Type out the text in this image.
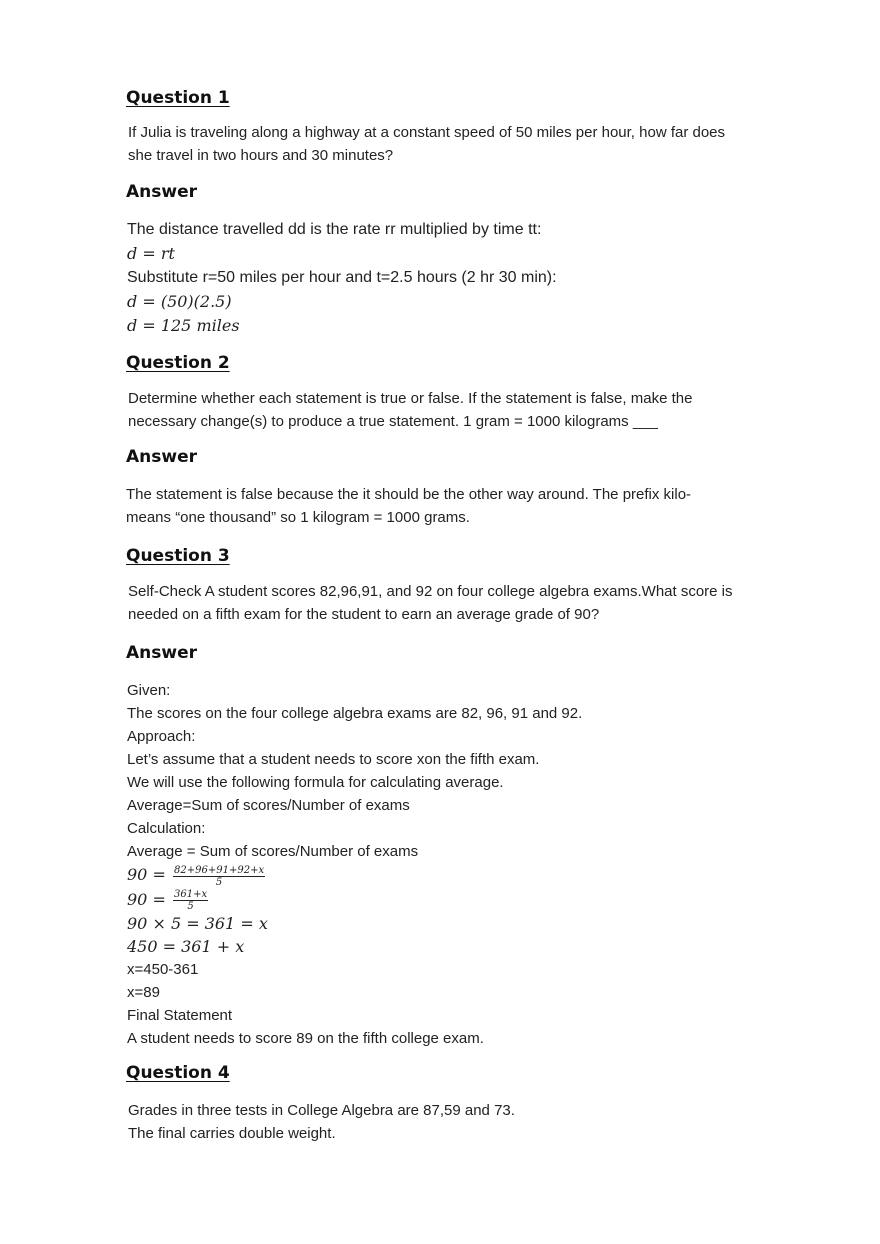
Question 1
If Julia is traveling along a highway at a constant speed of 50 miles per hour, how far does
she travel in two hours and 30 minutes?
Answer
The distance travelled dd is the rate rr multiplied by time tt:
d = rt
Substitute r=50 miles per hour and t=2.5 hours (2 hr 30 min):
d = (50)(2.5)
d = 125 miles
Question 2
Determine whether each statement is true or false. If the statement is false, make the
necessary change(s) to produce a true statement. 1 gram = 1000 kilograms ___
Answer
The statement is false because the it should be the other way around. The prefix kilo-
means “one thousand” so 1 kilogram = 1000 grams.
Question 3
Self-Check A student scores 82,96,91, and 92 on four college algebra exams.What score is
needed on a fifth exam for the student to earn an average grade of 90?
Answer
Given:
The scores on the four college algebra exams are 82, 96, 91 and 92.
Approach:
Let’s assume that a student needs to score xon the fifth exam.
We will use the following formula for calculating average.
Average=Sum of scores/Number of exams
Calculation:
Average = Sum of scores/Number of exams
$90 = \frac{82+96+91+92+x}{5}$
$90 = \frac{361+x}{5}$
90 × 5 = 361 = x
450 = 361 + x
x=450-361
x=89
Final Statement
A student needs to score 89 on the fifth college exam.
Question 4
Grades in three tests in College Algebra are 87,59 and 73.
The final carries double weight.
